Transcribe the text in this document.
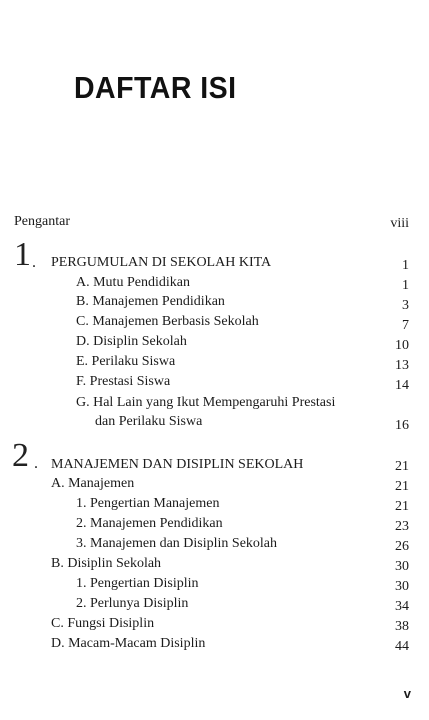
DAFTAR ISI
Pengantar	viii
1 . PERGUMULAN DI SEKOLAH KITA	1
A. Mutu Pendidikan	1
B. Manajemen Pendidikan	3
C. Manajemen Berbasis Sekolah	7
D. Disiplin Sekolah	10
E. Perilaku Siswa	13
F. Prestasi Siswa	14
G. Hal Lain yang Ikut Mempengaruhi Prestasi
dan Perilaku Siswa	16
2 . MANAJEMEN DAN DISIPLIN SEKOLAH	21
A. Manajemen	21
1. Pengertian Manajemen	21
2. Manajemen Pendidikan	23
3. Manajemen dan Disiplin Sekolah	26
B. Disiplin Sekolah	30
1. Pengertian Disiplin	30
2. Perlunya Disiplin	34
C. Fungsi Disiplin	38
D. Macam-Macam Disiplin	44
v
